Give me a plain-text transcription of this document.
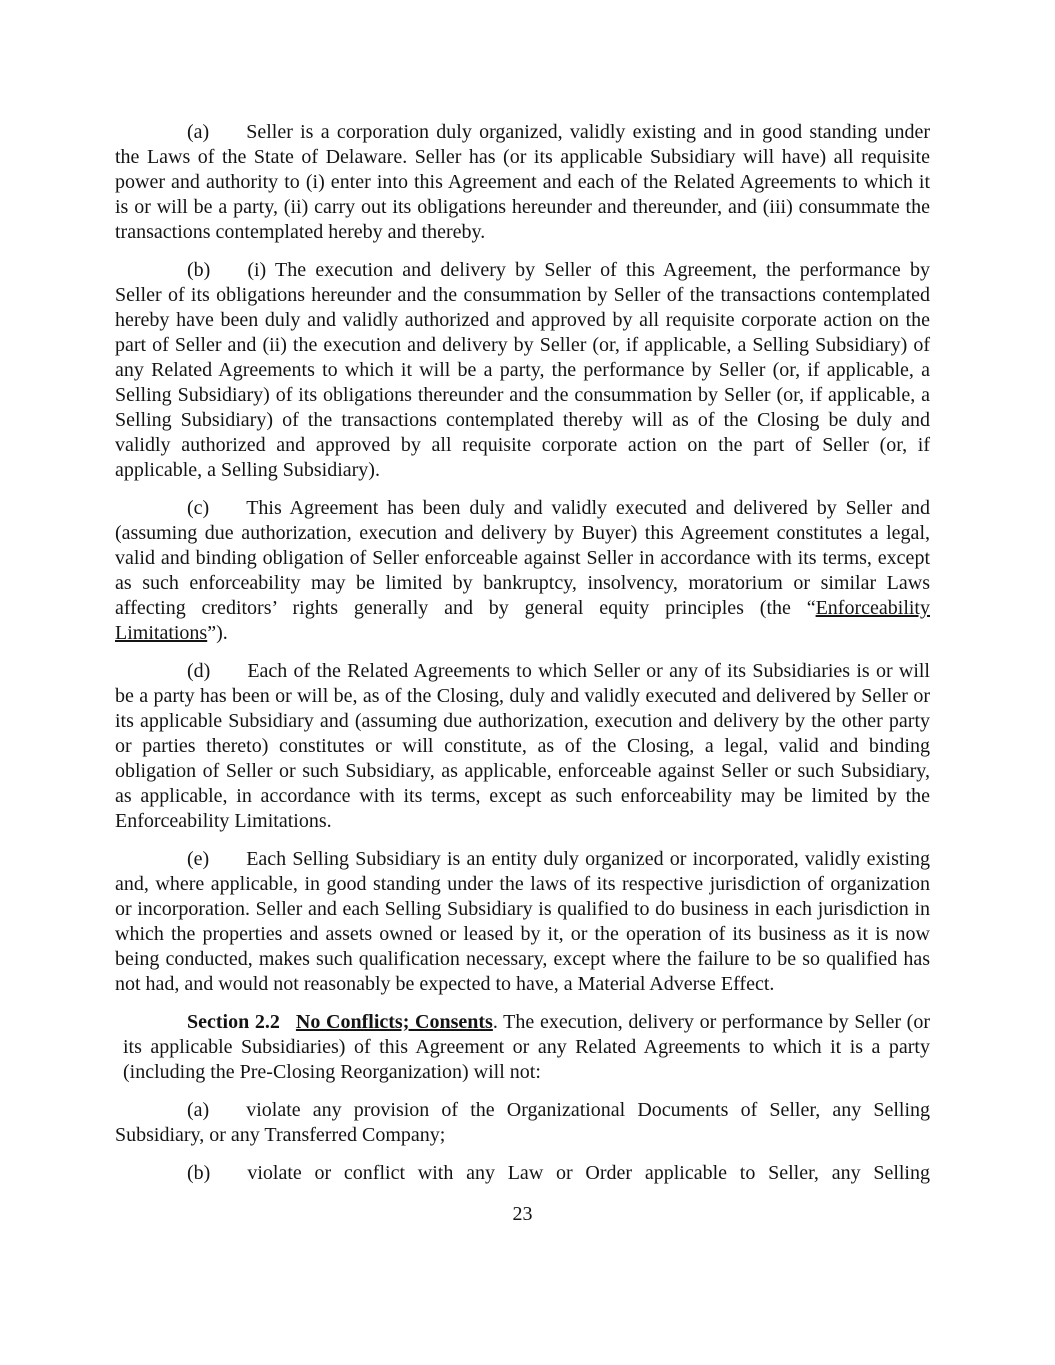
(a) Seller is a corporation duly organized, validly existing and in good standing under the Laws of the State of Delaware. Seller has (or its applicable Subsidiary will have) all requisite power and authority to (i) enter into this Agreement and each of the Related Agreements to which it is or will be a party, (ii) carry out its obligations hereunder and thereunder, and (iii) consummate the transactions contemplated hereby and thereby.

(b) (i) The execution and delivery by Seller of this Agreement, the performance by Seller of its obligations hereunder and the consummation by Seller of the transactions contemplated hereby have been duly and validly authorized and approved by all requisite corporate action on the part of Seller and (ii) the execution and delivery by Seller (or, if applicable, a Selling Subsidiary) of any Related Agreements to which it will be a party, the performance by Seller (or, if applicable, a Selling Subsidiary) of its obligations thereunder and the consummation by Seller (or, if applicable, a Selling Subsidiary) of the transactions contemplated thereby will as of the Closing be duly and validly authorized and approved by all requisite corporate action on the part of Seller (or, if applicable, a Selling Subsidiary).

(c) This Agreement has been duly and validly executed and delivered by Seller and (assuming due authorization, execution and delivery by Buyer) this Agreement constitutes a legal, valid and binding obligation of Seller enforceable against Seller in accordance with its terms, except as such enforceability may be limited by bankruptcy, insolvency, moratorium or similar Laws affecting creditors’ rights generally and by general equity principles (the “Enforceability Limitations”).

(d) Each of the Related Agreements to which Seller or any of its Subsidiaries is or will be a party has been or will be, as of the Closing, duly and validly executed and delivered by Seller or its applicable Subsidiary and (assuming due authorization, execution and delivery by the other party or parties thereto) constitutes or will constitute, as of the Closing, a legal, valid and binding obligation of Seller or such Subsidiary, as applicable, enforceable against Seller or such Subsidiary, as applicable, in accordance with its terms, except as such enforceability may be limited by the Enforceability Limitations.

(e) Each Selling Subsidiary is an entity duly organized or incorporated, validly existing and, where applicable, in good standing under the laws of its respective jurisdiction of organization or incorporation. Seller and each Selling Subsidiary is qualified to do business in each jurisdiction in which the properties and assets owned or leased by it, or the operation of its business as it is now being conducted, makes such qualification necessary, except where the failure to be so qualified has not had, and would not reasonably be expected to have, a Material Adverse Effect.

Section 2.2 No Conflicts; Consents. The execution, delivery or performance by Seller (or its applicable Subsidiaries) of this Agreement or any Related Agreements to which it is a party (including the Pre-Closing Reorganization) will not:

(a) violate any provision of the Organizational Documents of Seller, any Selling Subsidiary, or any Transferred Company;

(b) violate or conflict with any Law or Order applicable to Seller, any Selling

23
